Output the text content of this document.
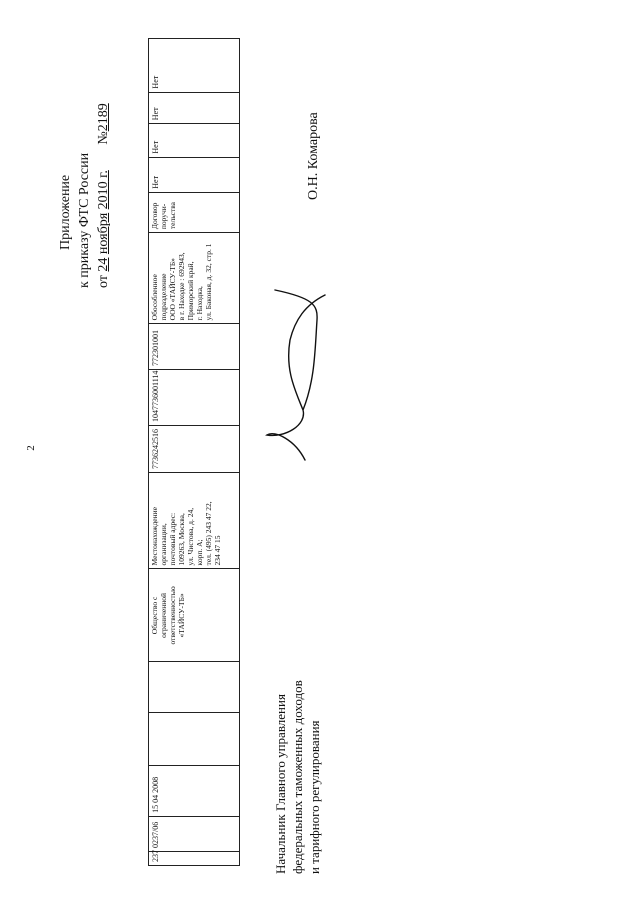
2
237
0237/06
15 04 2008
Общество с
ограниченной
ответственностью
«ТАЙСУ-ТБ»
Местонахождение
организации,
почтовый адрес:
109263, Москва,
ул. Чистова, д. 24,
корп. А;
тел. (495) 243 47 22,
234 47 15
7736242516
1047736001114
772301001
Обособленное
подразделение
ООО «ТАЙСУ-ТБ»
в г. Находке : 692943,
Приморский край,
г. Находка,
ул. Баконая, д. 32, стр. 1
Договор
поручи-
тельства
Нет
Нет
Нет
Нет
Приложение к приказу ФТС России от 24 ноября 2010 г. №2189
Начальник Главного управления федеральных таможенных доходов и тарифного регулирования
О.Н. Комарова
